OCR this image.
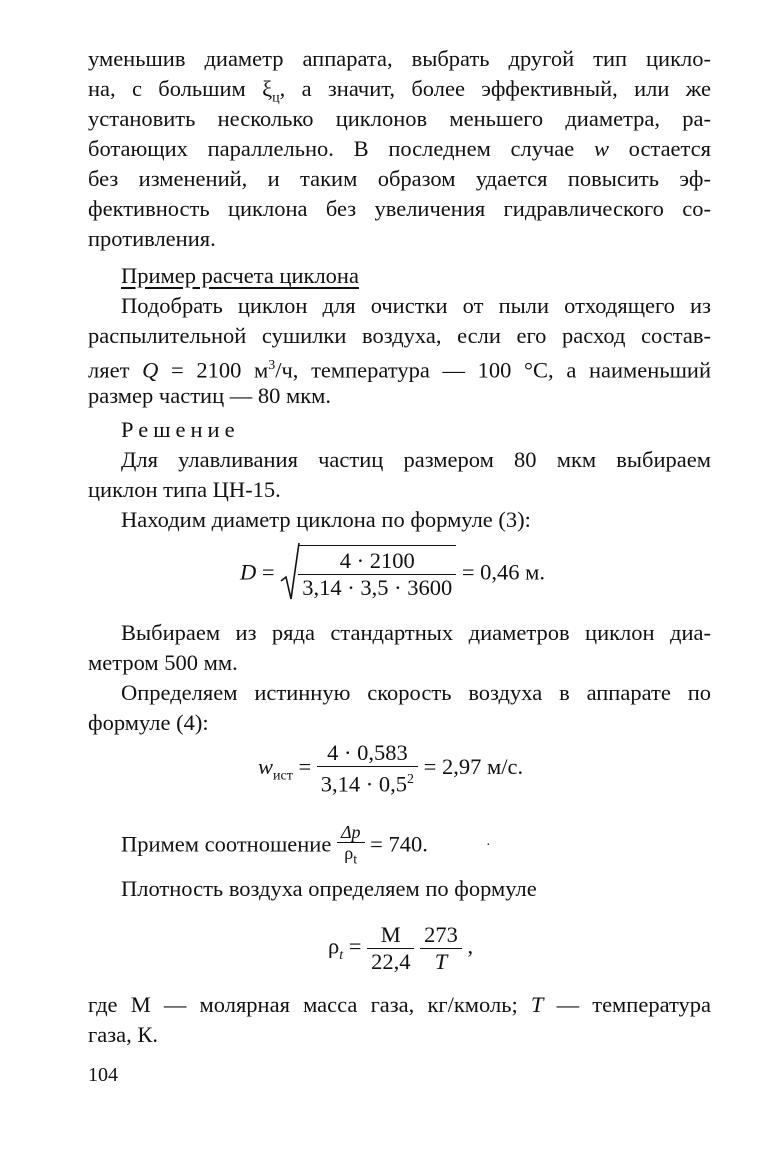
уменьшив диаметр аппарата, выбрать другой тип цикло-
на, с большим $\xi_ц$, а значит, более эффективный, или же
установить несколько циклонов меньшего диаметра, ра-
ботающих параллельно. В последнем случае w остается
без изменений, и таким образом удается повысить эф-
фективность циклона без увеличения гидравлического со-
противления.
Пример расчета циклона
Подобрать циклон для очистки от пыли отходящего из
распылительной сушилки воздуха, если его расход состав-
ляет Q = 2100 $м^3/ч$, температура — 100 °С, а наименьший
размер частиц — 80 мкм.
Решение
Для улавливания частиц размером 80 мкм выбираем
циклон типа ЦН-15.
Находим диаметр циклона по формуле (3):
$D = \frac{4 \cdot 2100}{3,14 \cdot 3,5 \cdot 3600} = 0,46$ м.
Выбираем из ряда стандартных диаметров циклон диа-
метром 500 мм.
Определяем истинную скорость воздуха в аппарате по
формуле (4):
$w_{ист} = \frac{4 \cdot 0,583}{3,14 \cdot 0,5^2} = 2,97$ м/с.
Примем соотношение $\frac{\Delta p}{\rho_t} = 740$.	·
Плотность воздуха определяем по формуле
$\rho_t = \frac{M}{22,4}$
$\frac{273}{T}$ ,
где М — молярная масса газа, кг/кмоль; T — температура
газа, К.
104
